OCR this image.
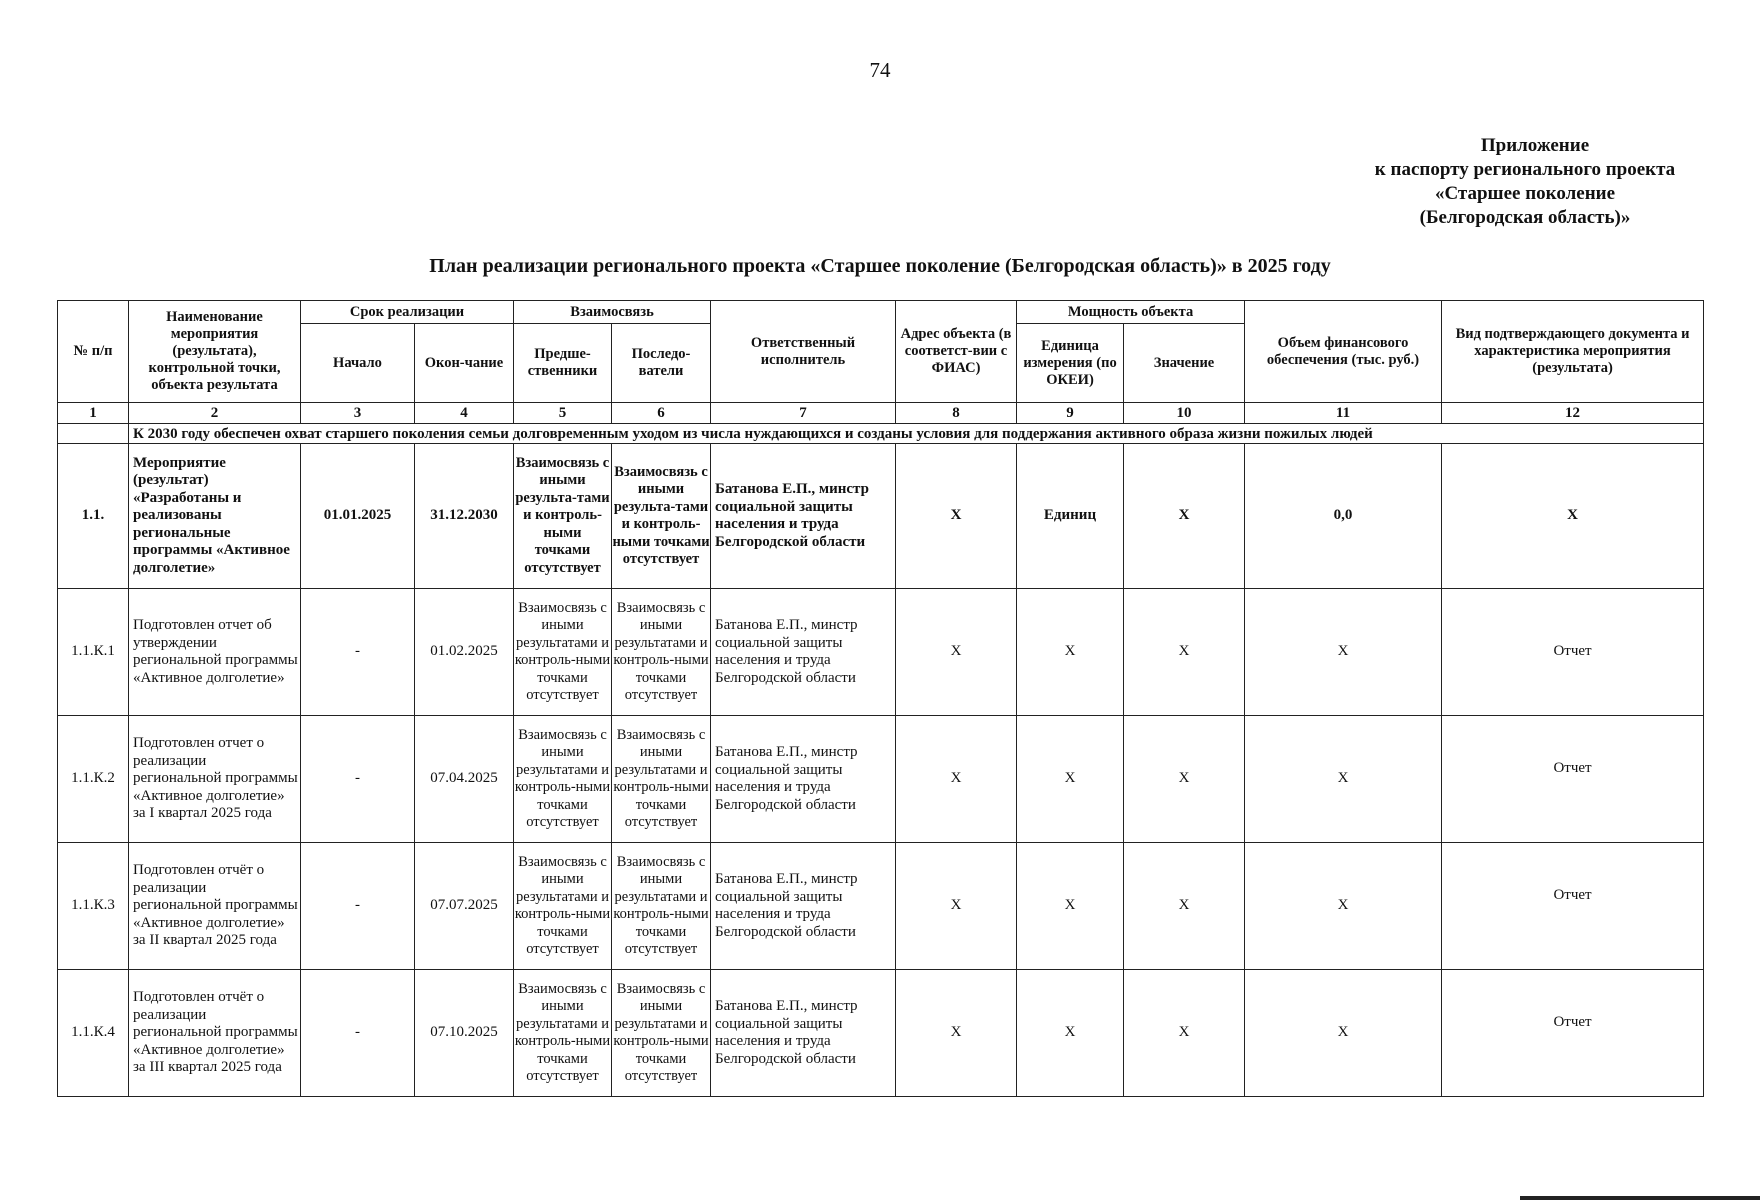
74
Приложение
к паспорту регионального проекта
«Старшее поколение
(Белгородская область)»
План реализации регионального проекта «Старшее поколение (Белгородская область)» в 2025 году
№ п/п	Наименование мероприятия (результата), контрольной точки, объекта результата	Срок реализации		Взаимосвязь		Ответственный исполнитель	Адрес объекта (в соответст-вии с ФИАС)	Мощность объекта		Объем финансового обеспечения (тыс. руб.)	Вид подтверждающего документа и характеристика мероприятия (результата)
		Начало	Окон-чание	Предше-ственники	Последо-ватели			Единица измерения (по ОКЕИ)	Значение		
1	2	3	4	5	6	7	8	9	10	11	12
	К 2030 году обеспечен охват старшего поколения семьи долговременным уходом из числа нуждающихся и созданы условия для поддержания активного образа жизни пожилых людей										
1.1.	Мероприятие (результат) «Разработаны и реализованы региональные программы «Активное долголетие»	01.01.2025	31.12.2030	Взаимосвязь с иными результа-тами и контроль-ными точками отсутствует	Взаимосвязь с иными результа-тами и контроль-ными точками отсутствует	Батанова Е.П., минстр социальной защиты населения и труда Белгородской области	X	Единиц	X	0,0	X
1.1.К.1	Подготовлен отчет об утверждении региональной программы «Активное долголетие»	-	01.02.2025	Взаимосвязь с иными результатами и контроль-ными точками отсутствует	Взаимосвязь с иными результатами и контроль-ными точками отсутствует	Батанова Е.П., минстр социальной защиты населения и труда Белгородской области	X	X	X	X	Отчет
1.1.К.2	Подготовлен отчет о реализации региональной программы «Активное долголетие» за I квартал 2025 года	-	07.04.2025	Взаимосвязь с иными результатами и контроль-ными точками отсутствует	Взаимосвязь с иными результатами и контроль-ными точками отсутствует	Батанова Е.П., минстр социальной защиты населения и труда Белгородской области	X	X	X	X	Отчет
1.1.К.3	Подготовлен отчёт о реализации региональной программы «Активное долголетие» за II квартал 2025 года	-	07.07.2025	Взаимосвязь с иными результатами и контроль-ными точками отсутствует	Взаимосвязь с иными результатами и контроль-ными точками отсутствует	Батанова Е.П., минстр социальной защиты населения и труда Белгородской области	X	X	X	X	Отчет
1.1.К.4	Подготовлен отчёт о реализации региональной программы «Активное долголетие» за III квартал 2025 года	-	07.10.2025	Взаимосвязь с иными результатами и контроль-ными точками отсутствует	Взаимосвязь с иными результатами и контроль-ными точками отсутствует	Батанова Е.П., минстр социальной защиты населения и труда Белгородской области	X	X	X	X	Отчет
